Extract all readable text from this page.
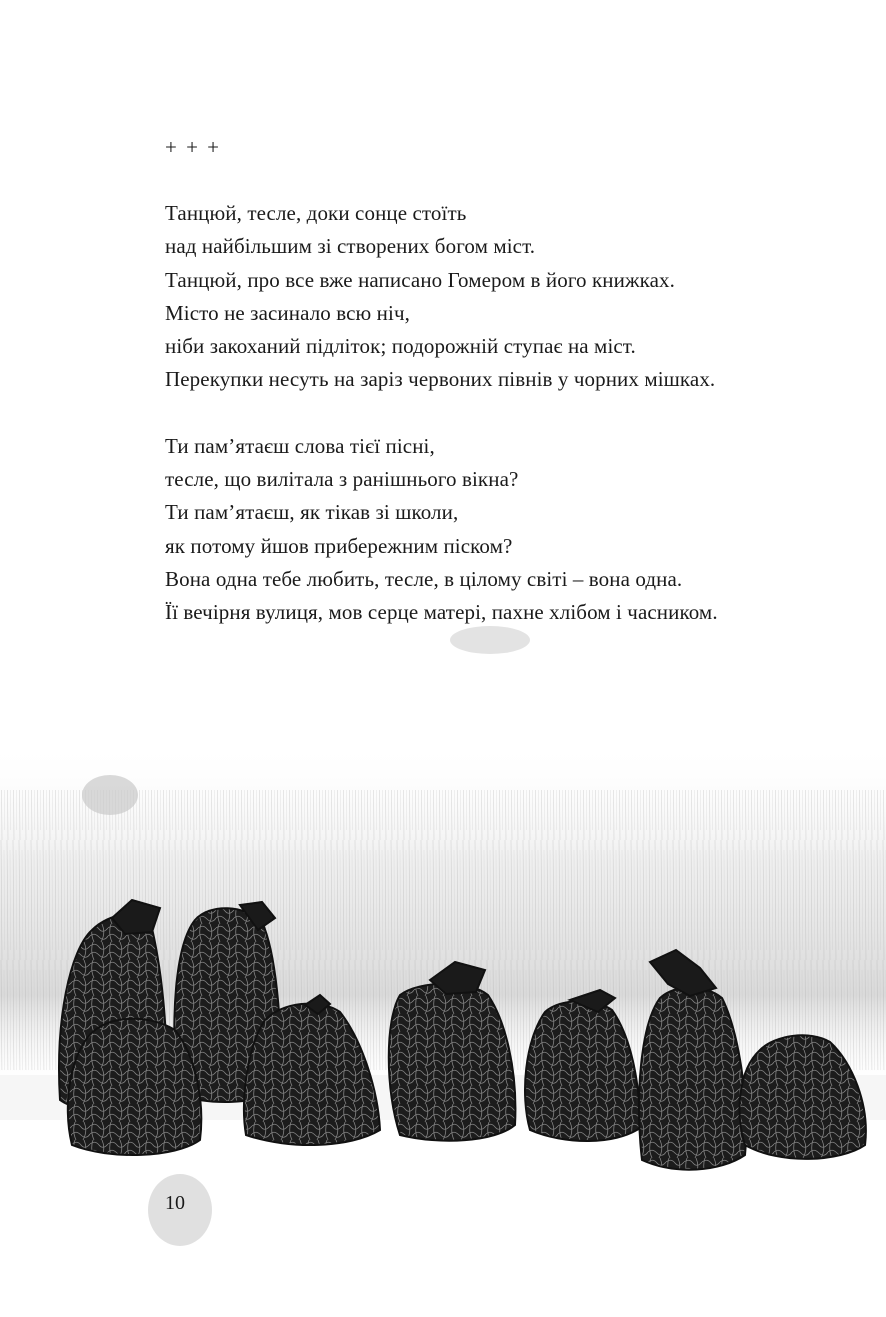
+ + +
Танцюй, тесле, доки сонце стоїть
над найбільшим зі створених богом міст.
Танцюй, про все вже написано Гомером в його книжках.
Місто не засинало всю ніч,
ніби закоханий підліток; подорожній ступає на міст.
Перекупки несуть на заріз червоних півнів у чорних мішках.
Ти пам’ятаєш слова тієї пісні,
тесле, що вилітала з ранішнього вікна?
Ти пам’ятаєш, як тікав зі школи,
як потому йшов прибережним піском?
Вона одна тебе любить, тесле, в цілому світі – вона одна.
Її вечірня вулиця, мов серце матері, пахне хлібом і часником.
10
